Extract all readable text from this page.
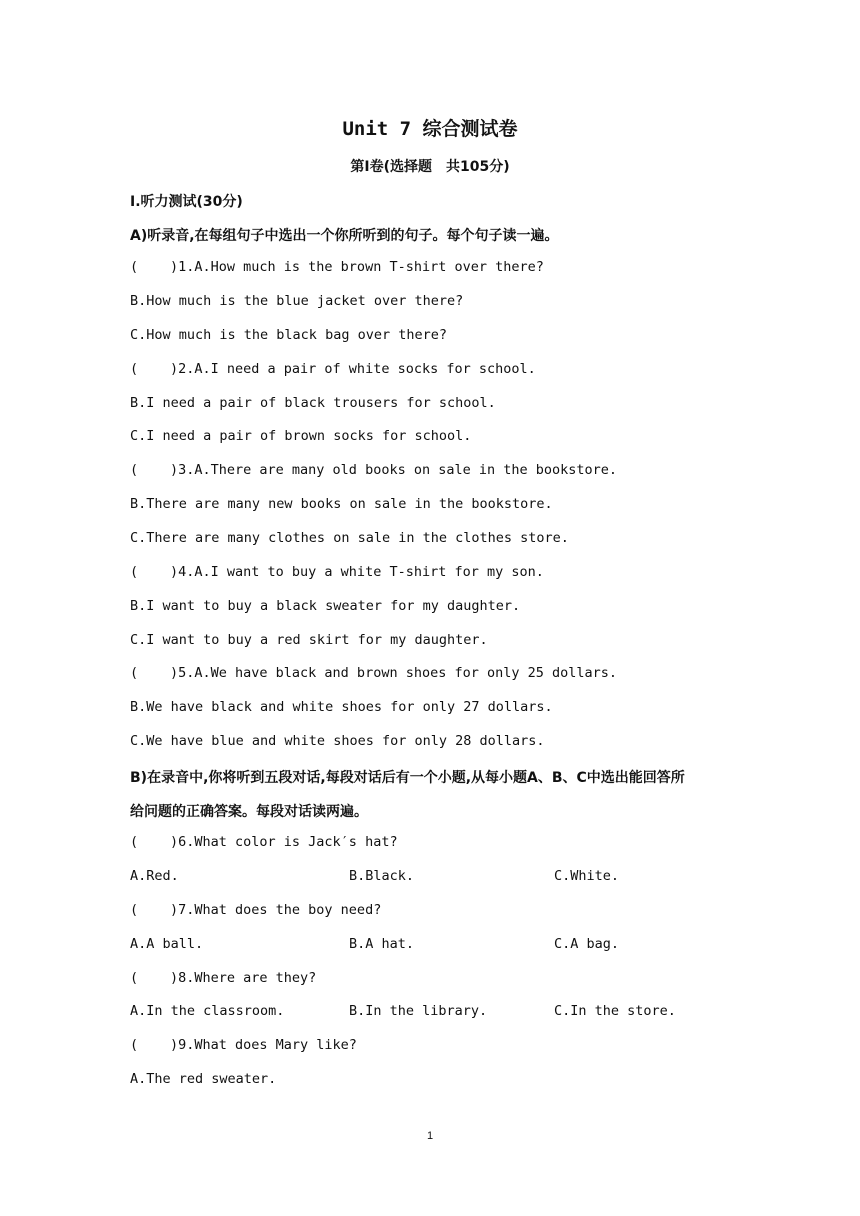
Unit 7 综合测试卷
第Ⅰ卷(选择题　共105分)
Ⅰ.听力测试(30分)
A)听录音,在每组句子中选出一个你所听到的句子。每个句子读一遍。
( )1.A.How much is the brown T-shirt over there?
B.How much is the blue jacket over there?
C.How much is the black bag over there?
( )2.A.I need a pair of white socks for school.
B.I need a pair of black trousers for school.
C.I need a pair of brown socks for school.
( )3.A.There are many old books on sale in the bookstore.
B.There are many new books on sale in the bookstore.
C.There are many clothes on sale in the clothes store.
( )4.A.I want to buy a white T-shirt for my son.
B.I want to buy a black sweater for my daughter.
C.I want to buy a red skirt for my daughter.
( )5.A.We have black and brown shoes for only 25 dollars.
B.We have black and white shoes for only 27 dollars.
C.We have blue and white shoes for only 28 dollars.
B)在录音中,你将听到五段对话,每段对话后有一个小题,从每小题A、B、C中选出能回答所
给问题的正确答案。每段对话读两遍。
( )6.What color is Jack′s hat?
A.Red.	B.Black.	C.White.
( )7.What does the boy need?
A.A ball.	B.A hat.	C.A bag.
( )8.Where are they?
A.In the classroom.	B.In the library.	C.In the store.
( )9.What does Mary like?
A.The red sweater.
1
